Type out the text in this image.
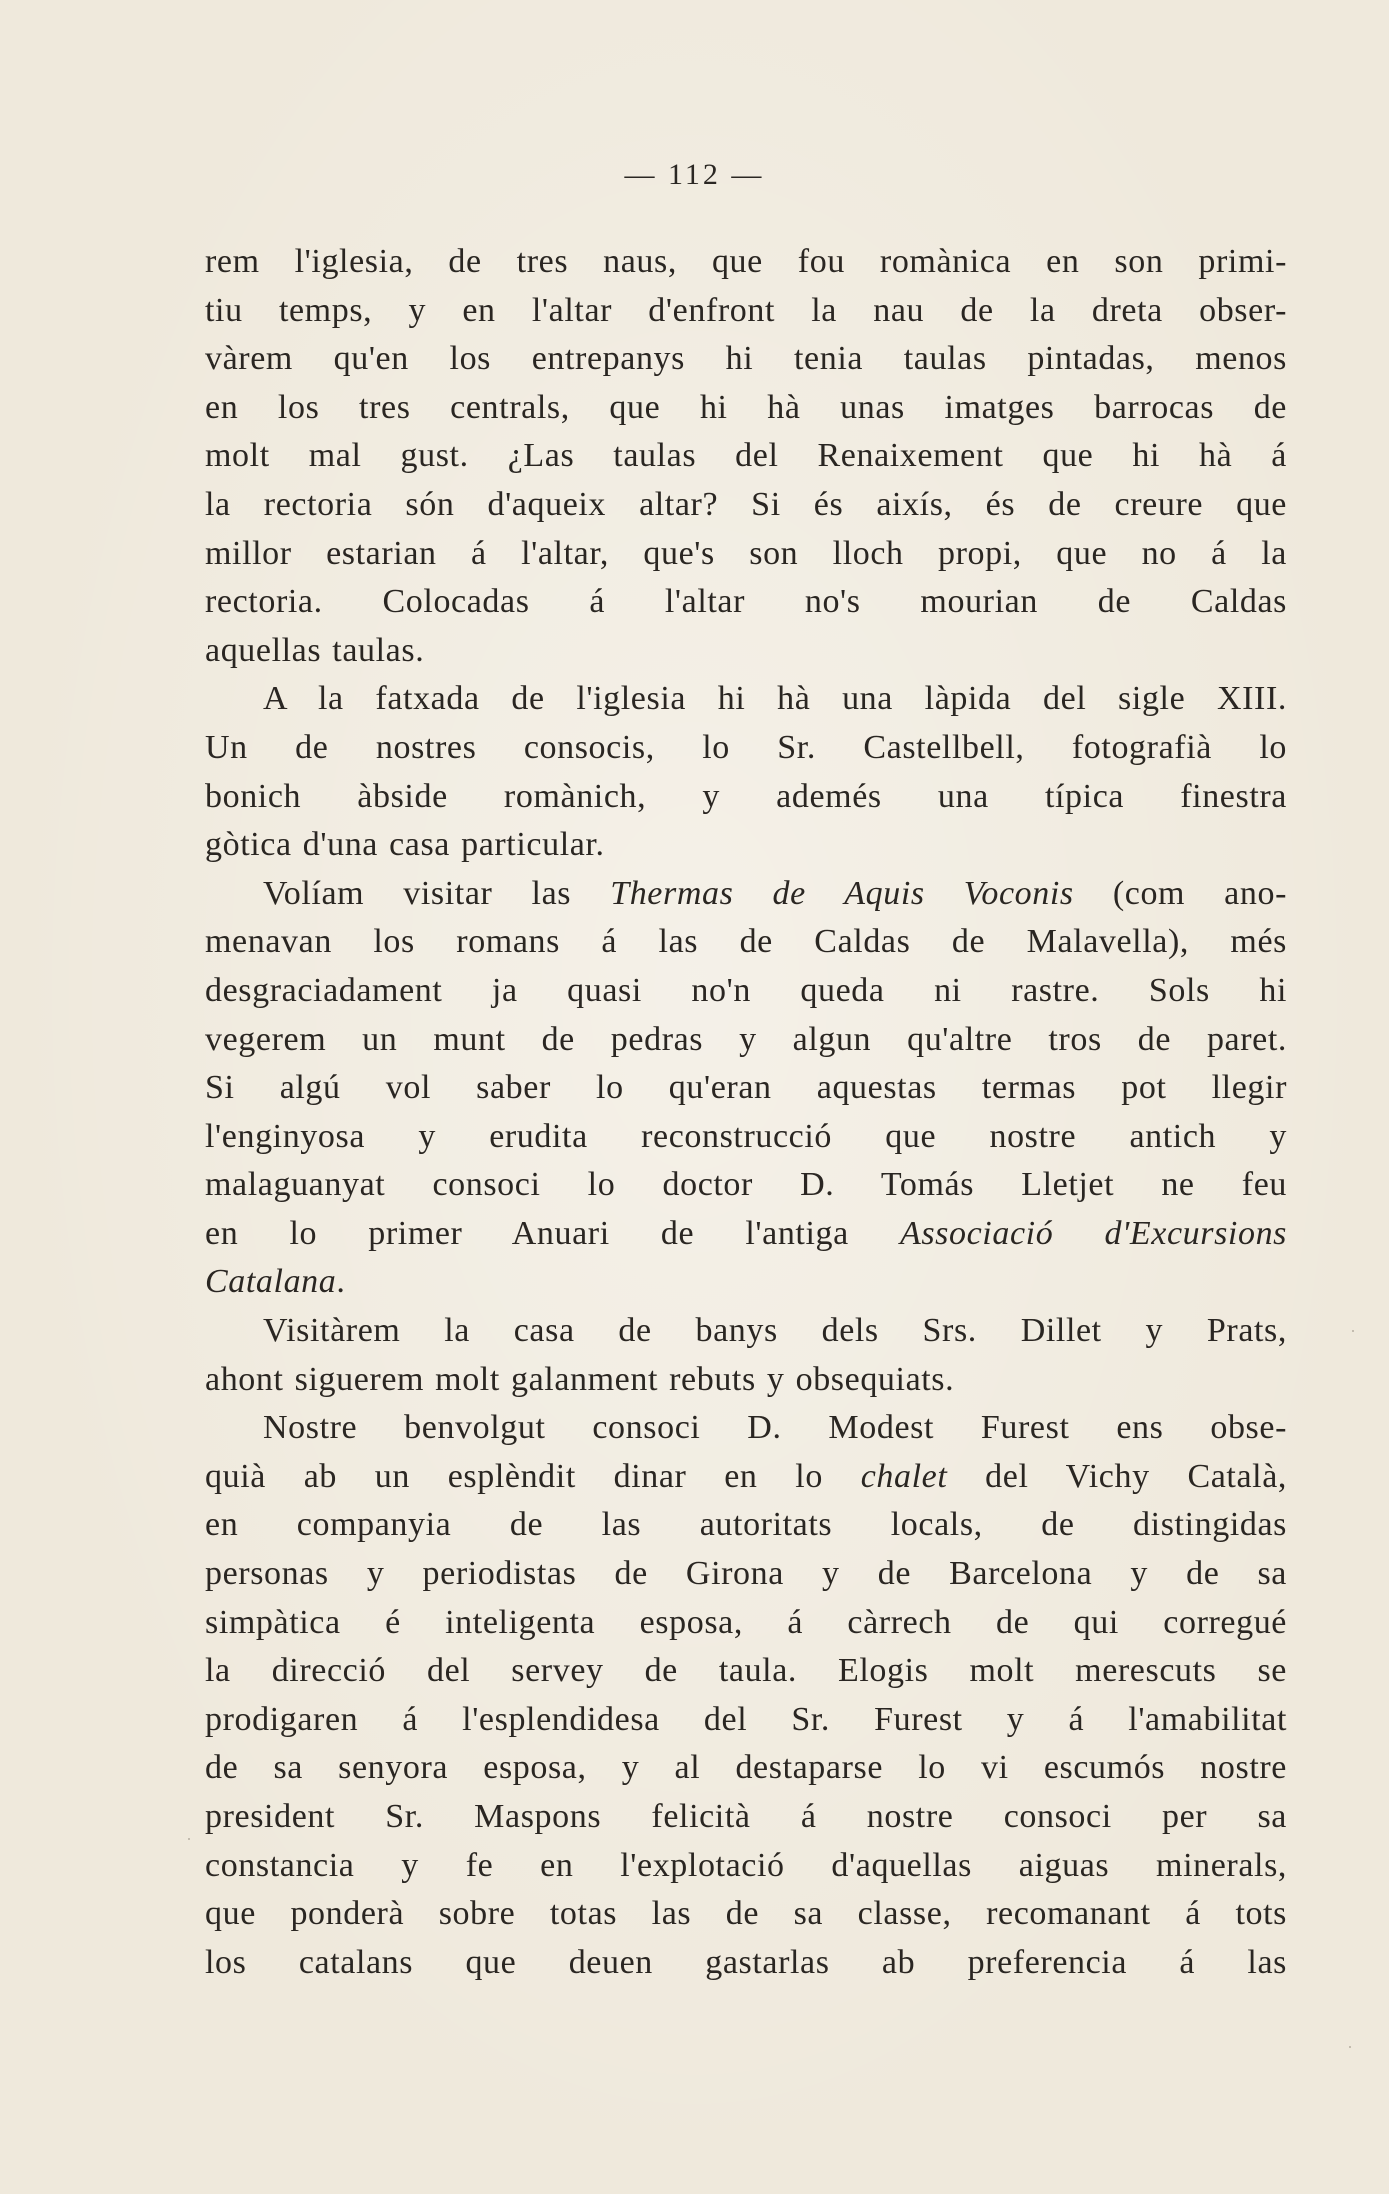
— 112 —
rem l'iglesia, de tres naus, que fou romànica en son primi-
tiu temps, y en l'altar d'enfront la nau de la dreta obser-
vàrem qu'en los entrepanys hi tenia taulas pintadas, menos
en los tres centrals, que hi hà unas imatges barrocas de
molt mal gust. ¿Las taulas del Renaixement que hi hà á
la rectoria són d'aqueix altar? Si és aixís, és de creure que
millor estarian á l'altar, que's son lloch propi, que no á la
rectoria. Colocadas á l'altar no's mourian de Caldas
aquellas taulas.
A la fatxada de l'iglesia hi hà una làpida del sigle XIII.
Un de nostres consocis, lo Sr. Castellbell, fotografià lo
bonich àbside romànich, y ademés una típica finestra
gòtica d'una casa particular.
Volíam visitar las Thermas de Aquis Voconis (com ano-
menavan los romans á las de Caldas de Malavella), més
desgraciadament ja quasi no'n queda ni rastre. Sols hi
vegerem un munt de pedras y algun qu'altre tros de paret.
Si algú vol saber lo qu'eran aquestas termas pot llegir
l'enginyosa y erudita reconstrucció que nostre antich y
malaguanyat consoci lo doctor D. Tomás Lletjet ne feu
en lo primer Anuari de l'antiga Associació d'Excursions
Catalana.
Visitàrem la casa de banys dels Srs. Dillet y Prats,
ahont siguerem molt galanment rebuts y obsequiats.
Nostre benvolgut consoci D. Modest Furest ens obse-
quià ab un esplèndit dinar en lo chalet del Vichy Català,
en companyia de las autoritats locals, de distingidas
personas y periodistas de Girona y de Barcelona y de sa
simpàtica é inteligenta esposa, á càrrech de qui corregué
la direcció del servey de taula. Elogis molt merescuts se
prodigaren á l'esplendidesa del Sr. Furest y á l'amabilitat
de sa senyora esposa, y al destaparse lo vi escumós nostre
president Sr. Maspons felicità á nostre consoci per sa
constancia y fe en l'explotació d'aquellas aiguas minerals,
que ponderà sobre totas las de sa classe, recomanant á tots
los catalans que deuen gastarlas ab preferencia á las
